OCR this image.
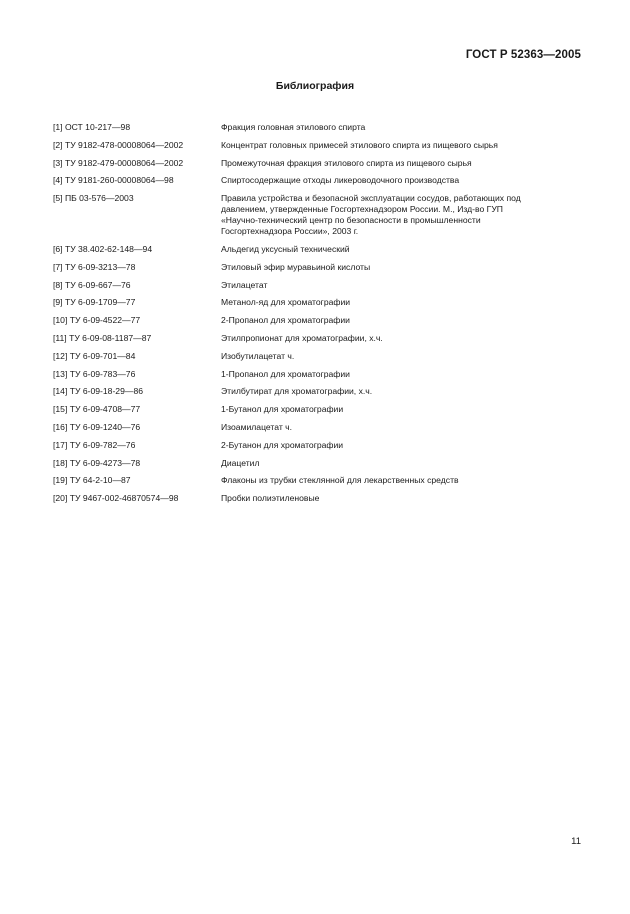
ГОСТ Р 52363—2005
Библиография
[1] ОСТ 10-217—98	Фракция головная этилового спирта
[2] ТУ 9182-478-00008064—2002	Концентрат головных примесей этилового спирта из пищевого сырья
[3] ТУ 9182-479-00008064—2002	Промежуточная фракция этилового спирта из пищевого сырья
[4] ТУ 9181-260-00008064—98	Спиртосодержащие отходы ликероводочного производства
[5] ПБ 03-576—2003	Правила устройства и безопасной эксплуатации сосудов, работающих под
давлением, утвержденные Госгортехнадзором России. М., Изд-во ГУП
«Научно-технический центр по безопасности в промышленности
Госгортехнадзора России», 2003 г.
[6] ТУ 38.402-62-148—94	Альдегид уксусный технический
[7] ТУ 6-09-3213—78	Этиловый эфир муравьиной кислоты
[8] ТУ 6-09-667—76	Этилацетат
[9] ТУ 6-09-1709—77	Метанол-яд для хроматографии
[10] ТУ 6-09-4522—77	2-Пропанол для хроматографии
[11] ТУ 6-09-08-1187—87	Этилпропионат для хроматографии, х.ч.
[12] ТУ 6-09-701—84	Изобутилацетат ч.
[13] ТУ 6-09-783—76	1-Пропанол для хроматографии
[14] ТУ 6-09-18-29—86	Этилбутират для хроматографии, х.ч.
[15] ТУ 6-09-4708—77	1-Бутанол для хроматографии
[16] ТУ 6-09-1240—76	Изоамилацетат ч.
[17] ТУ 6-09-782—76	2-Бутанон для хроматографии
[18] ТУ 6-09-4273—78	Диацетил
[19] ТУ 64-2-10—87	Флаконы из трубки стеклянной для лекарственных средств
[20] ТУ 9467-002-46870574—98	Пробки полиэтиленовые
11
